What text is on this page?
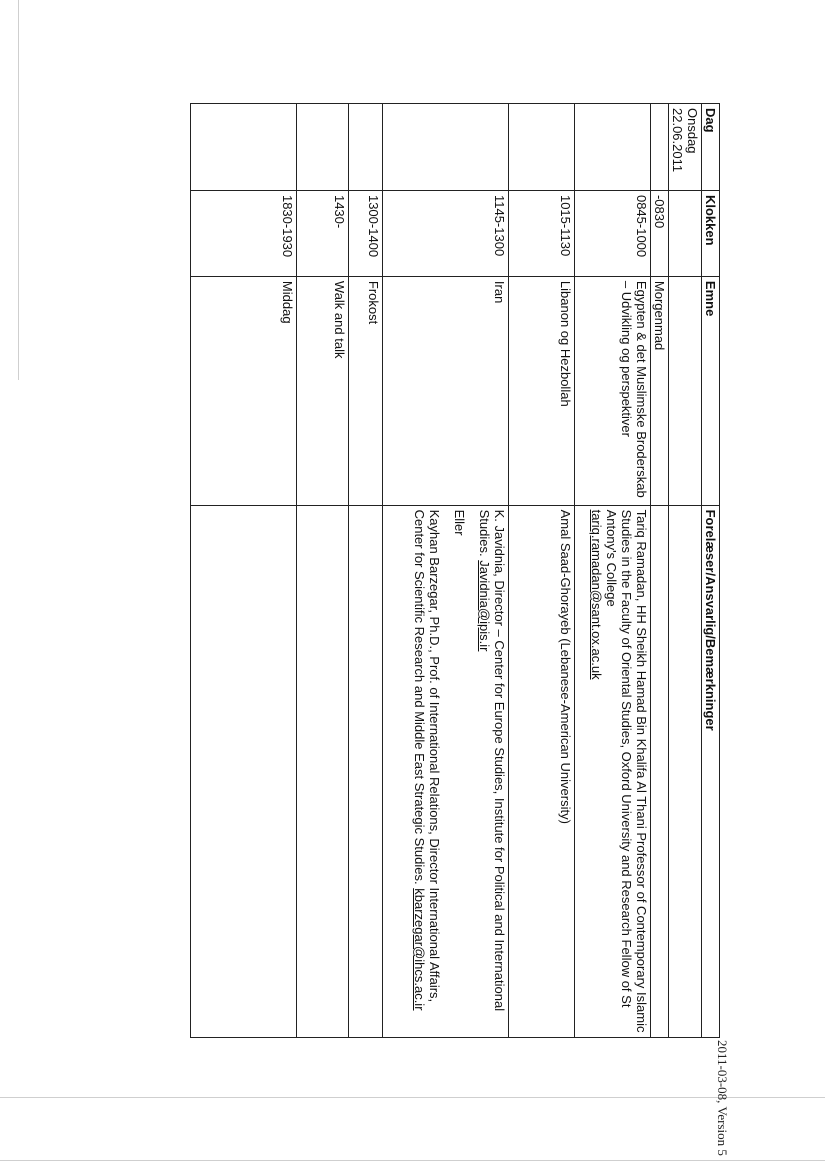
2011-03-08, Version 5
Dag	Klokken	Emne	Forelæser/Ansvarlig/Bemærkninger
Onsdag
22.06.2011			
	-0830	Morgenmad	
	0845-1000	Egypten & det Muslimske Broderskab – Udvikling og perspektiver	Tariq Ramadan, HH Sheikh Hamad Bin Khalifa Al Thani Professor of Contemporary Islamic Studies in the Faculty of Oriental Studies, Oxford University and Research Fellow of St Antony's College
tariq.ramadan@sant.ox.ac.uk
	1015-1130	Libanon og Hezbollah	Amal Saad-Ghorayeb (Lebanese-American University)
	1145-1300	Iran	K. Javidnia, Director – Center for Europe Studies, Institute for Political and International Studies. Javidnia@ipis.ir
Eller
Kayhan Barzegar, Ph.D., Prof. of International Relations, Director International Affairs, Center for Scientific Research and Middle East Strategic Studies. kbarzegar@ihcs.ac.ir
	1300-1400	Frokost	
	1430-	Walk and talk	
	1830-1930	Middag	
